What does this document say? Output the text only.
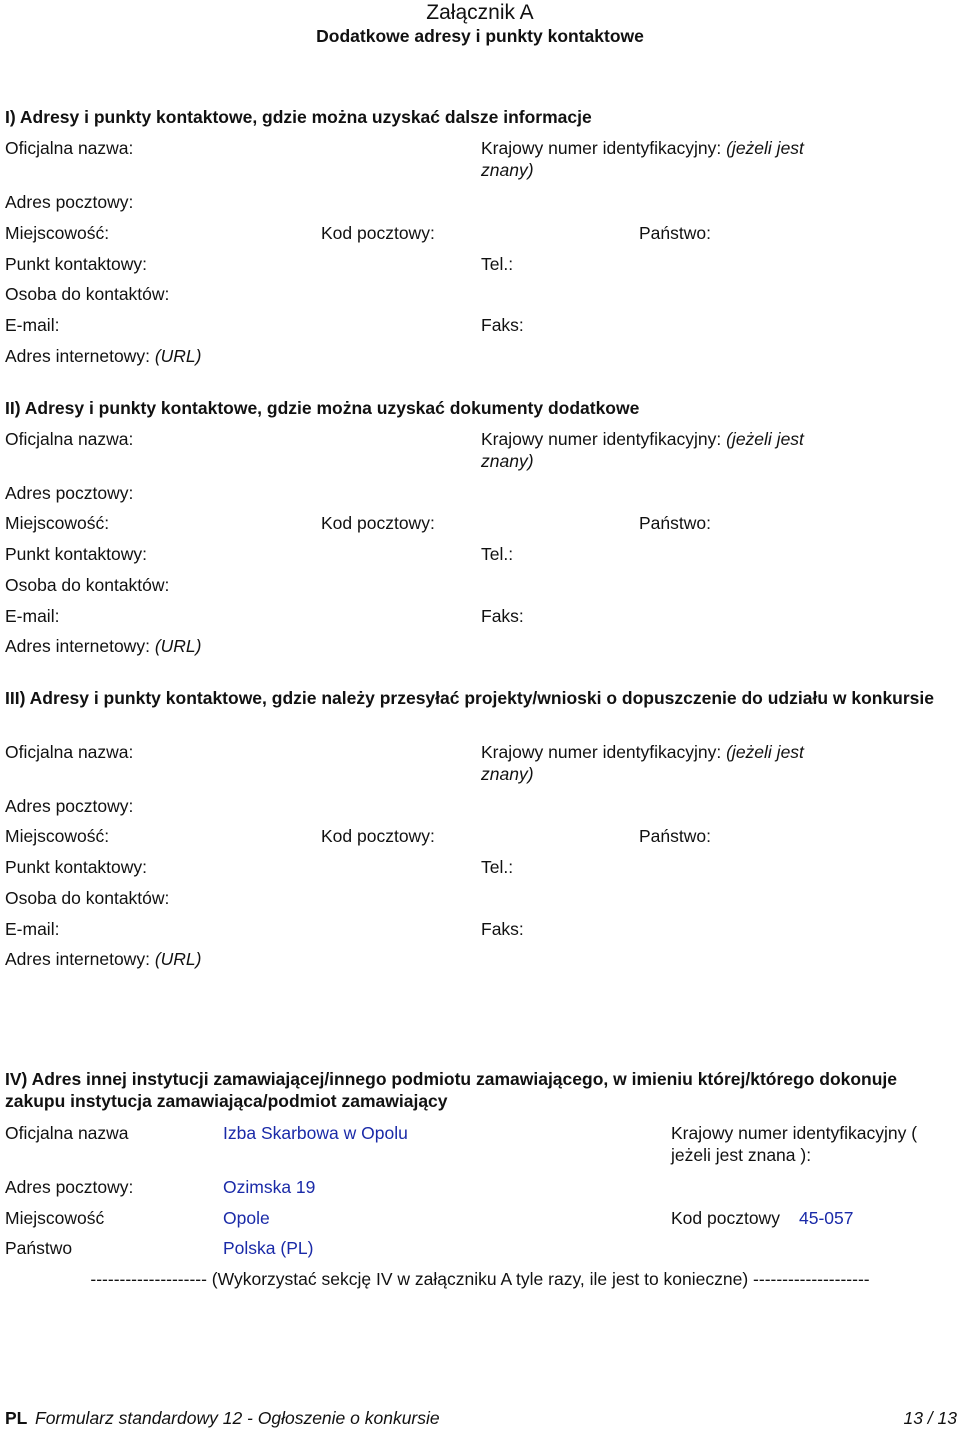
Załącznik A
Dodatkowe adresy i punkty kontaktowe
I) Adresy i punkty kontaktowe, gdzie można uzyskać dalsze informacje
Oficjalna nazwa:	Krajowy numer identyfikacyjny: (jeżeli jest znany)
Adres pocztowy:
Miejscowość:	Kod pocztowy:	Państwo:
Punkt kontaktowy:	Tel.:
Osoba do kontaktów:
E-mail:	Faks:
Adres internetowy: (URL)
II) Adresy i punkty kontaktowe, gdzie można uzyskać dokumenty dodatkowe
Oficjalna nazwa:	Krajowy numer identyfikacyjny: (jeżeli jest znany)
Adres pocztowy:
Miejscowość:	Kod pocztowy:	Państwo:
Punkt kontaktowy:	Tel.:
Osoba do kontaktów:
E-mail:	Faks:
Adres internetowy: (URL)
III) Adresy i punkty kontaktowe, gdzie należy przesyłać projekty/wnioski o dopuszczenie do udziału w konkursie
Oficjalna nazwa:	Krajowy numer identyfikacyjny: (jeżeli jest znany)
Adres pocztowy:
Miejscowość:	Kod pocztowy:	Państwo:
Punkt kontaktowy:	Tel.:
Osoba do kontaktów:
E-mail:	Faks:
Adres internetowy: (URL)
IV) Adres innej instytucji zamawiającej/innego podmiotu zamawiającego, w imieniu której/którego dokonuje zakupu instytucja zamawiająca/podmiot zamawiający
Oficjalna nazwa	Izba Skarbowa w Opolu	Krajowy numer identyfikacyjny ( jeżeli jest znana ):
Adres pocztowy:	Ozimska 19
Miejscowość	Opole	Kod pocztowy 45-057
Państwo	Polska (PL)
-------------------- (Wykorzystać sekcję IV w załączniku A tyle razy, ile jest to konieczne) --------------------
PL Formularz standardowy 12 - Ogłoszenie o konkursie	13 / 13
